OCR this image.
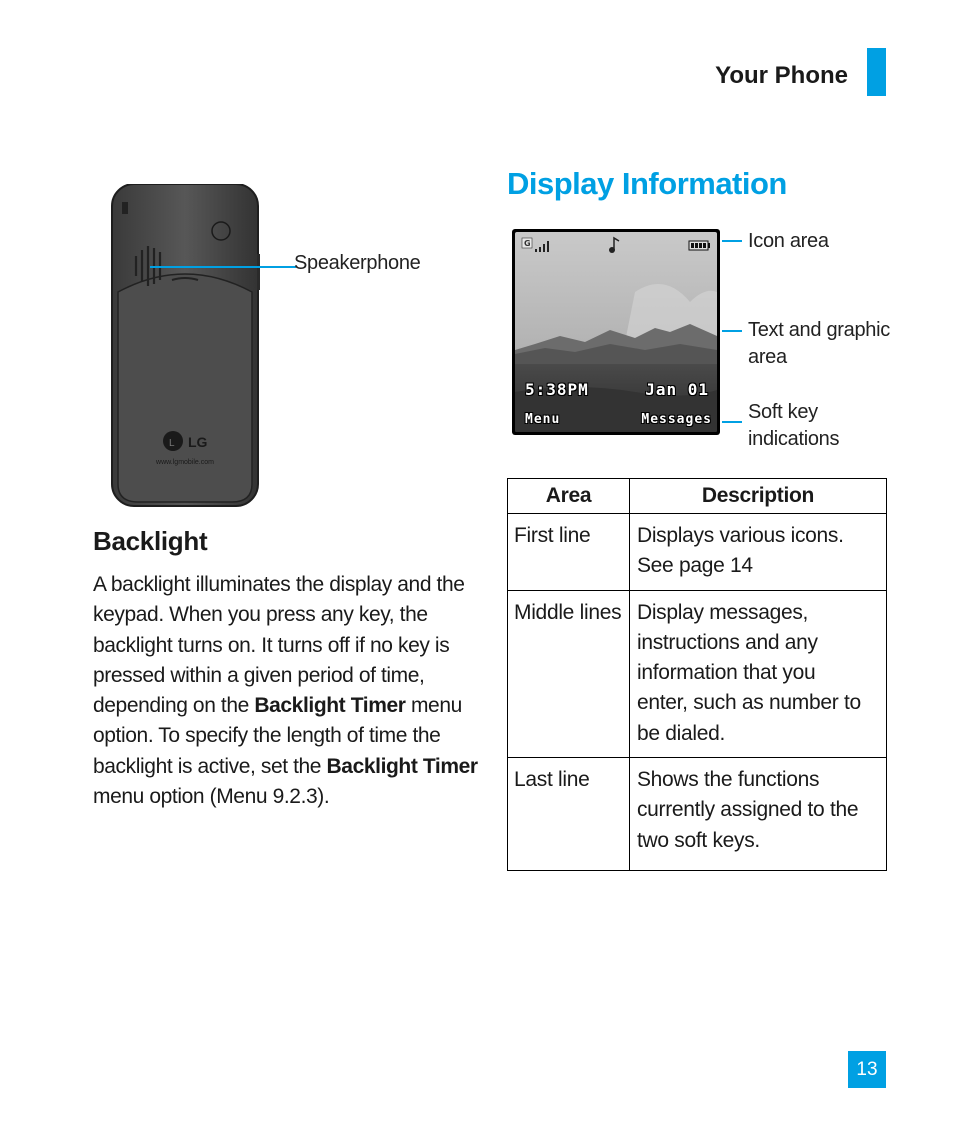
Your Phone
L LG
www.lgmobile.com
Speakerphone
Display Information
G
5:38PM	Jan 01
Menu	Messages
Icon area
Text and graphic
area
Soft key
indications
Backlight
A backlight illuminates the display and the keypad. When you press any key, the backlight turns on. It turns off if no key is pressed within a given period of time, depending on the Backlight Timer menu option. To specify the length of time the backlight is active, set the Backlight Timer menu option (Menu 9.2.3).
Area	Description
First line	Displays various icons.
See page 14

Middle lines	Display messages,
instructions and any
information that you
enter, such as number to
be dialed.

Last line	Shows the functions
currently assigned to the
two soft keys.
13
